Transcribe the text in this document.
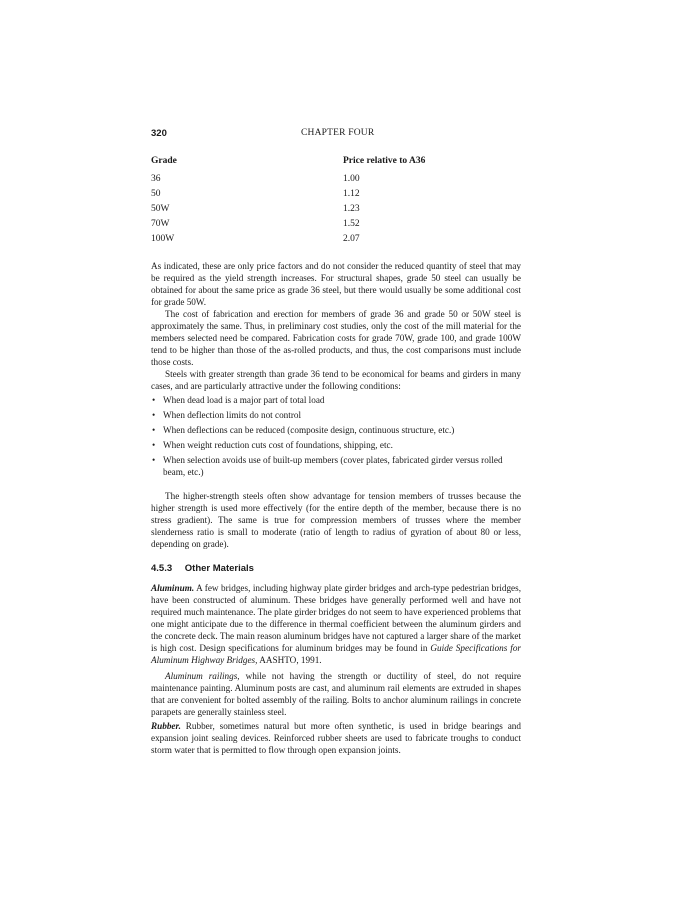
320	CHAPTER FOUR
Grade	Price relative to A36
36	1.00
50	1.12
50W	1.23
70W	1.52
100W	2.07

As indicated, these are only price factors and do not consider the reduced quantity of steel that may be required as the yield strength increases. For structural shapes, grade 50 steel can usually be obtained for about the same price as grade 36 steel, but there would usually be some additional cost for grade 50W.

The cost of fabrication and erection for members of grade 36 and grade 50 or 50W steel is approximately the same. Thus, in preliminary cost studies, only the cost of the mill material for the members selected need be compared. Fabrication costs for grade 70W, grade 100, and grade 100W tend to be higher than those of the as-rolled products, and thus, the cost comparisons must include those costs.

Steels with greater strength than grade 36 tend to be economical for beams and girders in many cases, and are particularly attractive under the following conditions:

• When dead load is a major part of total load
• When deflection limits do not control
• When deflections can be reduced (composite design, continuous structure, etc.)
• When weight reduction cuts cost of foundations, shipping, etc.
• When selection avoids use of built-up members (cover plates, fabricated girder versus rolled beam, etc.)

The higher-strength steels often show advantage for tension members of trusses because the higher strength is used more effectively (for the entire depth of the member, because there is no stress gradient). The same is true for compression members of trusses where the member slenderness ratio is small to moderate (ratio of length to radius of gyration of about 80 or less, depending on grade).

4.5.3 Other Materials

Aluminum. A few bridges, including highway plate girder bridges and arch-type pedestrian bridges, have been constructed of aluminum. These bridges have generally performed well and have not required much maintenance. The plate girder bridges do not seem to have experienced problems that one might anticipate due to the difference in thermal coefficient between the aluminum girders and the concrete deck. The main reason aluminum bridges have not captured a larger share of the market is high cost. Design specifications for aluminum bridges may be found in Guide Specifications for Aluminum Highway Bridges, AASHTO, 1991.

Aluminum railings, while not having the strength or ductility of steel, do not require maintenance painting. Aluminum posts are cast, and aluminum rail elements are extruded in shapes that are convenient for bolted assembly of the railing. Bolts to anchor aluminum railings in concrete parapets are generally stainless steel.

Rubber. Rubber, sometimes natural but more often synthetic, is used in bridge bearings and expansion joint sealing devices. Reinforced rubber sheets are used to fabricate troughs to conduct storm water that is permitted to flow through open expansion joints.
